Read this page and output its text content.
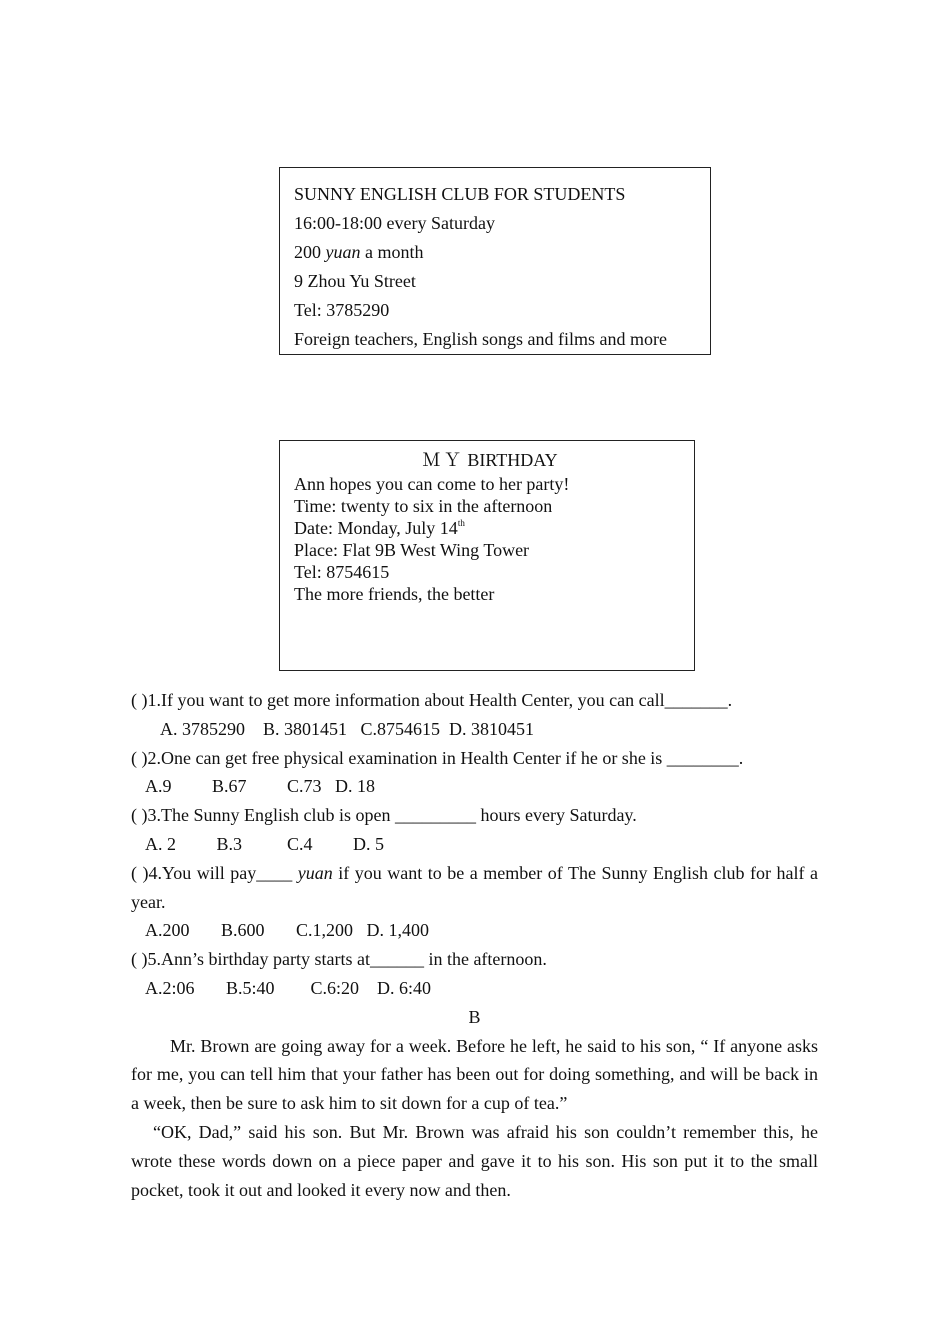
SUNNY ENGLISH CLUB FOR STUDENTS
16:00-18:00 every Saturday
200 yuan a month
9 Zhou Yu Street
Tel: 3785290
Foreign teachers, English songs and films and more
ＭＹ BIRTHDAY
Ann hopes you can come to her party!
Time: twenty to six in the afternoon
Date: Monday, July 14th
Place: Flat 9B West Wing Tower
Tel: 8754615
The more friends, the better
( )1.If you want to get more information about Health Center, you can call_______.
A. 3785290    B. 3801451   C.8754615  D. 3810451
( )2.One can get free physical examination in Health Center if he or she is ________.
A.9         B.67         C.73   D. 18
( )3.The Sunny English club is open _________ hours every Saturday.
A. 2         B.3          C.4         D. 5
( )4.You will pay____ yuan if you want to be a member of The Sunny English club for half a year.
A.200       B.600       C.1,200   D. 1,400
( )5.Ann’s birthday party starts at______ in the afternoon.
A.2:06       B.5:40        C.6:20    D. 6:40
B
Mr. Brown are going away for a week. Before he left, he said to his son, “ If anyone asks for me, you can tell him that your father has been out for doing something, and will be back in a week, then be sure to ask him to sit down for a cup of tea.”
“OK, Dad,” said his son. But Mr. Brown was afraid his son couldn’t remember this, he wrote these words down on a piece paper and gave it to his son. His son put it to the small pocket, took it out and looked it every now and then.
